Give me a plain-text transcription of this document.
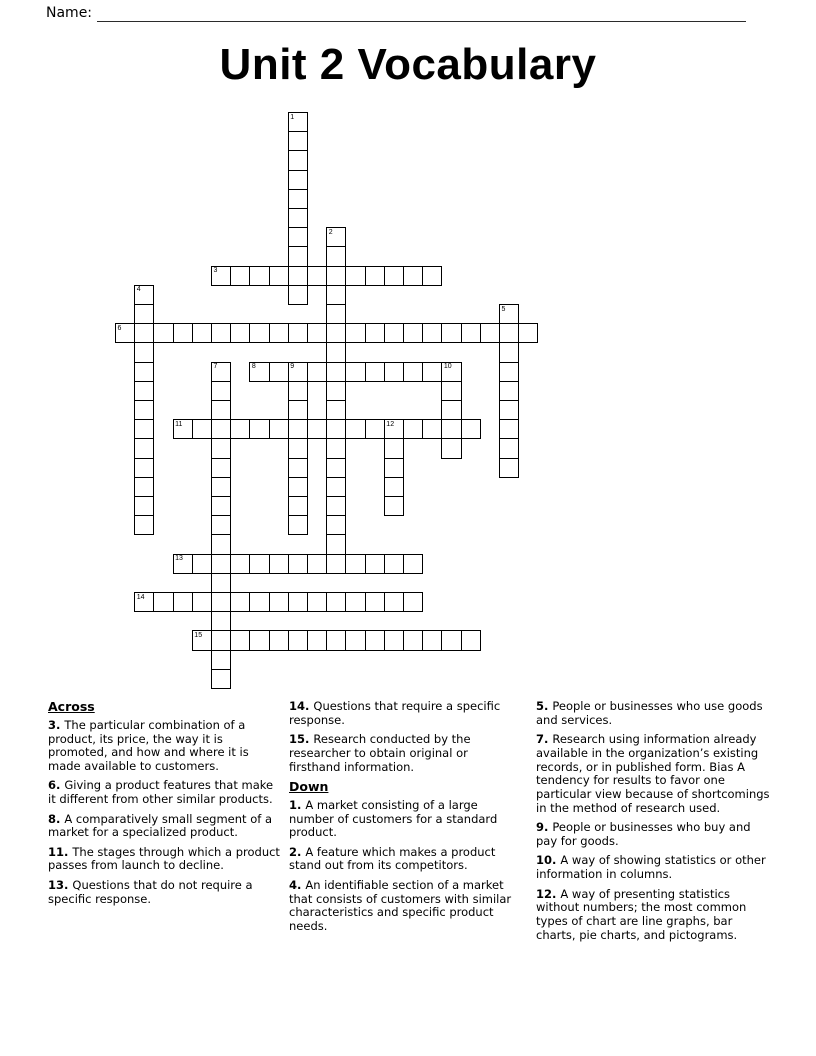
Name:
Unit 2 Vocabulary
1
2
3
4
5
6
7	8	9	10
11	12
13
14
15
Across

3. The particular combination of a product, its price, the way it is promoted, and how and where it is made available to customers.

6. Giving a product features that make it different from other similar products.

8. A comparatively small segment of a market for a specialized product.

11. The stages through which a product passes from launch to decline.

13. Questions that do not require a specific response.

14. Questions that require a specific response.

15. Research conducted by the researcher to obtain original or firsthand information.

Down

1. A market consisting of a large number of customers for a standard product.

2. A feature which makes a product stand out from its competitors.

4. An identifiable section of a market that consists of customers with similar characteristics and specific product needs.

5. People or businesses who use goods and services.

7. Research using information already available in the organization’s existing records, or in published form. Bias A tendency for results to favor one particular view because of shortcomings in the method of research used.

9. People or businesses who buy and pay for goods.

10. A way of showing statistics or other information in columns.

12. A way of presenting statistics without numbers; the most common types of chart are line graphs, bar charts, pie charts, and pictograms.
